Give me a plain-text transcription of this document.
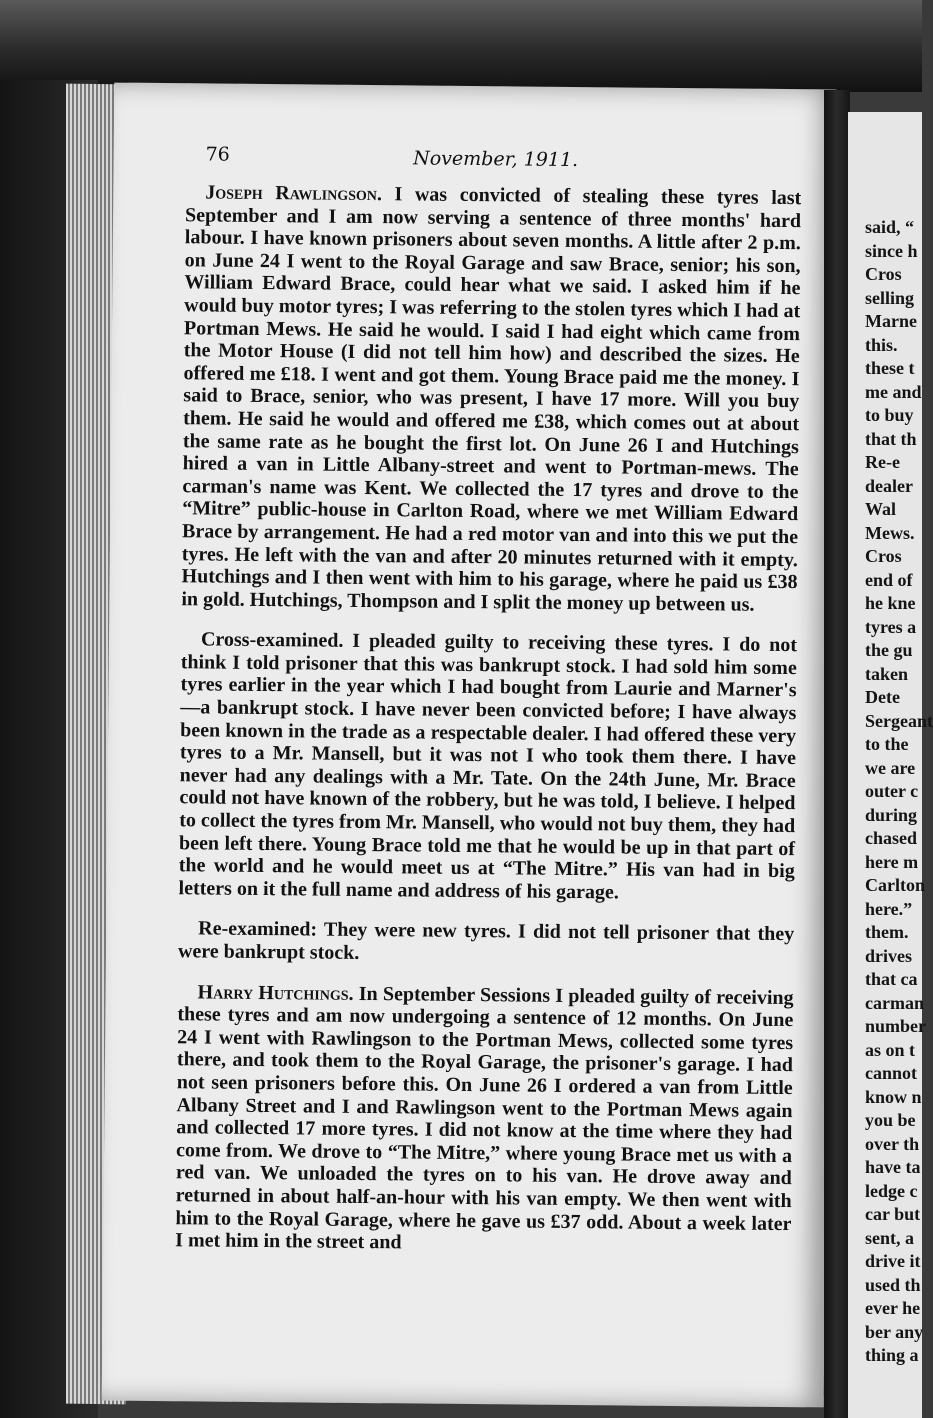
76	November, 1911.

Joseph Rawlingson. I was convicted of stealing these tyres last September and I am now serving a sentence of three months' hard labour. I have known prisoners about seven months. A little after 2 p.m. on June 24 I went to the Royal Garage and saw Brace, senior; his son, William Edward Brace, could hear what we said. I asked him if he would buy motor tyres; I was referring to the stolen tyres which I had at Portman Mews. He said he would. I said I had eight which came from the Motor House (I did not tell him how) and described the sizes. He offered me £18. I went and got them. Young Brace paid me the money. I said to Brace, senior, who was present, I have 17 more. Will you buy them. He said he would and offered me £38, which comes out at about the same rate as he bought the first lot. On June 26 I and Hutchings hired a van in Little Albany-street and went to Portman-mews. The carman's name was Kent. We collected the 17 tyres and drove to the “Mitre” public-house in Carlton Road, where we met William Edward Brace by arrangement. He had a red motor van and into this we put the tyres. He left with the van and after 20 minutes returned with it empty. Hutchings and I then went with him to his garage, where he paid us £38 in gold. Hutchings, Thompson and I split the money up between us.

Cross-examined. I pleaded guilty to receiving these tyres. I do not think I told prisoner that this was bankrupt stock. I had sold him some tyres earlier in the year which I had bought from Laurie and Marner's—a bankrupt stock. I have never been convicted before; I have always been known in the trade as a respectable dealer. I had offered these very tyres to a Mr. Mansell, but it was not I who took them there. I have never had any dealings with a Mr. Tate. On the 24th June, Mr. Brace could not have known of the robbery, but he was told, I believe. I helped to collect the tyres from Mr. Mansell, who would not buy them, they had been left there. Young Brace told me that he would be up in that part of the world and he would meet us at “The Mitre.” His van had in big letters on it the full name and address of his garage.

Re-examined: They were new tyres. I did not tell prisoner that they were bankrupt stock.

Harry Hutchings. In September Sessions I pleaded guilty of receiving these tyres and am now undergoing a sentence of 12 months. On June 24 I went with Rawlingson to the Portman Mews, collected some tyres there, and took them to the Royal Garage, the prisoner's garage. I had not seen prisoners before this. On June 26 I ordered a van from Little Albany Street and I and Rawlingson went to the Portman Mews again and collected 17 more tyres. I did not know at the time where they had come from. We drove to “The Mitre,” where young Brace met us with a red van. We unloaded the tyres on to his van. He drove away and returned in about half-an-hour with his van empty. We then went with him to the Royal Garage, where he gave us £37 odd. About a week later I met him in the street and

said, “
since h
Cros
selling
Marne
this.
these t
me and
to buy
that th
Re-e
dealer
Wal
Mews.
Cros
end of
he kne
tyres a
the gu
taken
Dete
Sergeant
to the
we are
outer c
during
chased
here m
Carlton
here.”
them.
drives
that ca
carman
number
as on t
cannot
know n
you be
over th
have ta
ledge c
car but
sent, a
drive it
used th
ever he
ber any
thing a
